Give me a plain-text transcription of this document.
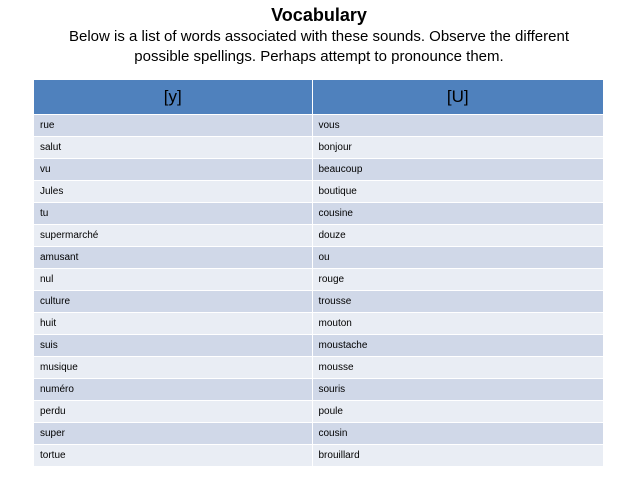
Vocabulary
Below is a list of words associated with these sounds. Observe the different
possible spellings. Perhaps attempt to pronounce them.
[y]	[U]
rue	vous
salut	bonjour
vu	beaucoup
Jules	boutique
tu	cousine
supermarché	douze
amusant	ou
nul	rouge
culture	trousse
huit	mouton
suis	moustache
musique	mousse
numéro	souris
perdu	poule
super	cousin
tortue	brouillard
